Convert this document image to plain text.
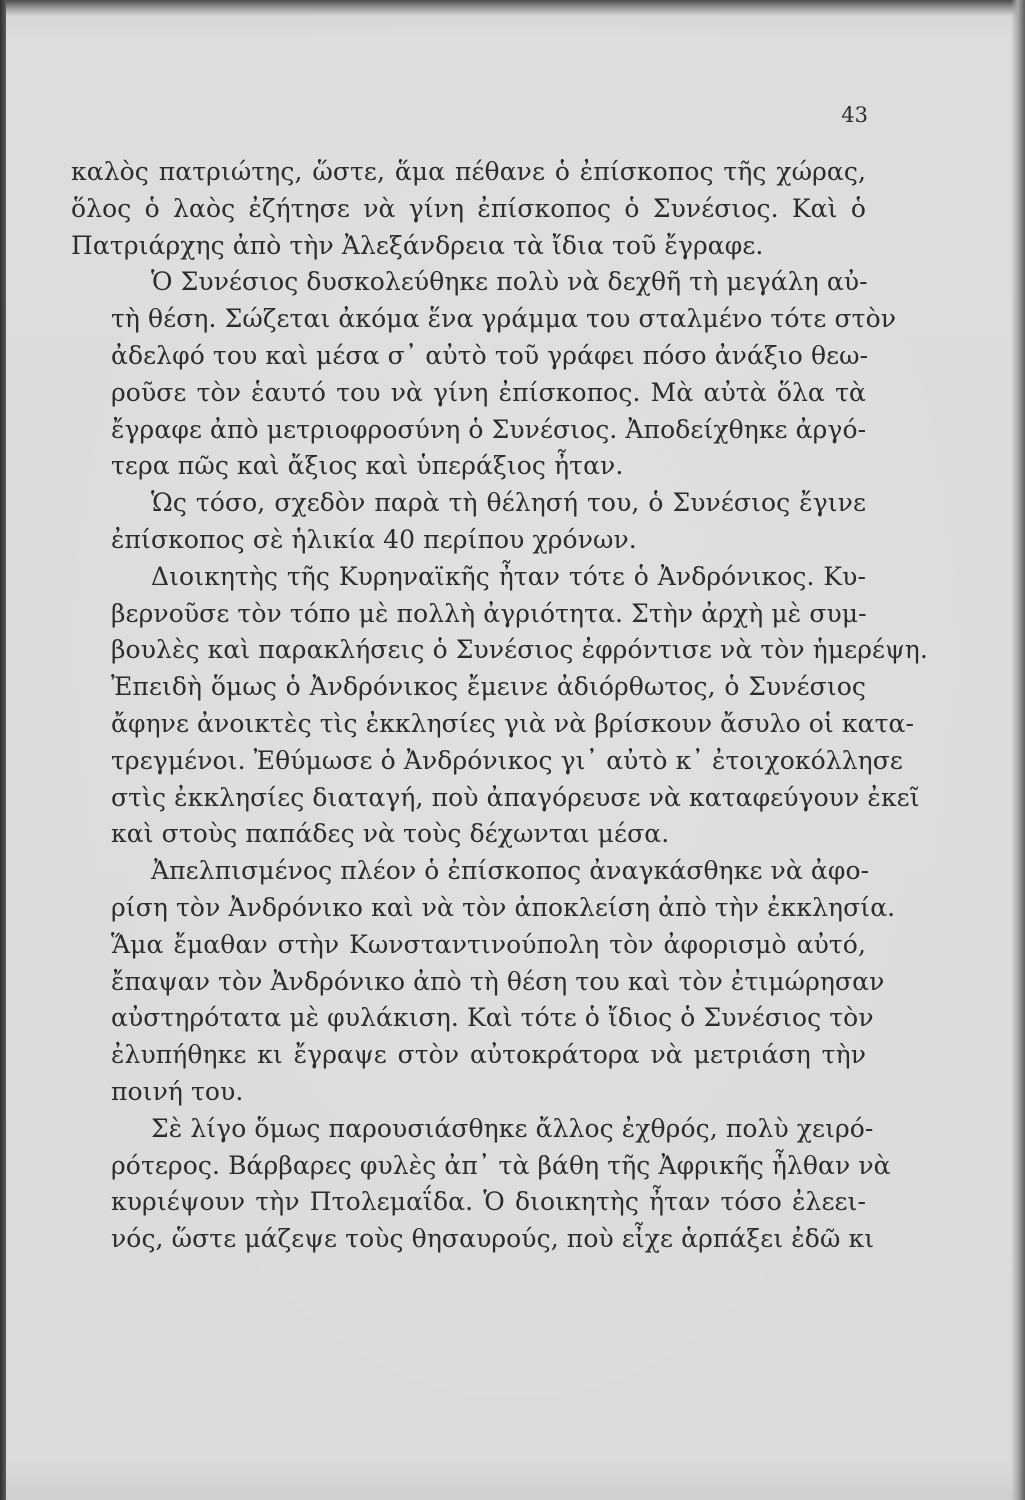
43

καλὸς πατριώτης, ὥστε, ἅμα πέθανε ὁ ἐπίσκοπος τῆς χώρας,
ὅλος ὁ λαὸς ἐζήτησε νὰ γίνη ἐπίσκοπος ὁ Συνέσιος. Καὶ ὁ
Πατριάρχης ἀπὸ τὴν Ἀλεξάνδρεια τὰ ἴδια τοῦ ἔγραφε.

Ὁ Συνέσιος δυσκολεύθηκε πολὺ νὰ δεχθῆ τὴ μεγάλη αὐ-
τὴ θέση. Σώζεται ἀκόμα ἕνα γράμμα του σταλμένο τότε στὸν
ἀδελφό του καὶ μέσα σ᾽ αὐτὸ τοῦ γράφει πόσο ἀνάξιο θεω-
ροῦσε τὸν ἑαυτό του νὰ γίνη ἐπίσκοπος. Μὰ αὐτὰ ὅλα τὰ
ἔγραφε ἀπὸ μετριοφροσύνη ὁ Συνέσιος. Ἀποδείχθηκε ἀργό-
τερα πῶς καὶ ἄξιος καὶ ὑπεράξιος ἦταν.

Ὡς τόσο, σχεδὸν παρὰ τὴ θέλησή του, ὁ Συνέσιος ἔγινε
ἐπίσκοπος σὲ ἡλικία 40 περίπου χρόνων.

Διοικητὴς τῆς Κυρηναϊκῆς ἦταν τότε ὁ Ἀνδρόνικος. Κυ-
βερνοῦσε τὸν τόπο μὲ πολλὴ ἀγριότητα. Στὴν ἀρχὴ μὲ συμ-
βουλὲς καὶ παρακλήσεις ὁ Συνέσιος ἐφρόντισε νὰ τὸν ἡμερέψη.
Ἐπειδὴ ὅμως ὁ Ἀνδρόνικος ἔμεινε ἀδιόρθωτος, ὁ Συνέσιος
ἄφηνε ἀνοικτὲς τὶς ἐκκλησίες γιὰ νὰ βρίσκουν ἄσυλο οἱ κατα-
τρεγμένοι. Ἐθύμωσε ὁ Ἀνδρόνικος γι᾽ αὐτὸ κ᾽ ἐτοιχοκόλλησε
στὶς ἐκκλησίες διαταγή, ποὺ ἀπαγόρευσε νὰ καταφεύγουν ἐκεῖ
καὶ στοὺς παπάδες νὰ τοὺς δέχωνται μέσα.

Ἀπελπισμένος πλέον ὁ ἐπίσκοπος ἀναγκάσθηκε νὰ ἀφο-
ρίση τὸν Ἀνδρόνικο καὶ νὰ τὸν ἀποκλείση ἀπὸ τὴν ἐκκλησία.
Ἅμα ἔμαθαν στὴν Κωνσταντινούπολη τὸν ἀφορισμὸ αὐτό,
ἔπαψαν τὸν Ἀνδρόνικο ἀπὸ τὴ θέση του καὶ τὸν ἐτιμώρησαν
αὐστηρότατα μὲ φυλάκιση. Καὶ τότε ὁ ἴδιος ὁ Συνέσιος τὸν
ἐλυπήθηκε κι ἔγραψε στὸν αὐτοκράτορα νὰ μετριάση τὴν
ποινή του.

Σὲ λίγο ὅμως παρουσιάσθηκε ἄλλος ἐχθρός, πολὺ χειρό-
ρότερος. Βάρβαρες φυλὲς ἀπ᾽ τὰ βάθη τῆς Ἀφρικῆς ἦλθαν νὰ
κυριέψουν τὴν Πτολεμαΐδα. Ὁ διοικητὴς ἦταν τόσο ἐλεει-
νός, ὥστε μάζεψε τοὺς θησαυρούς, ποὺ εἶχε ἁρπάξει ἐδῶ κι
